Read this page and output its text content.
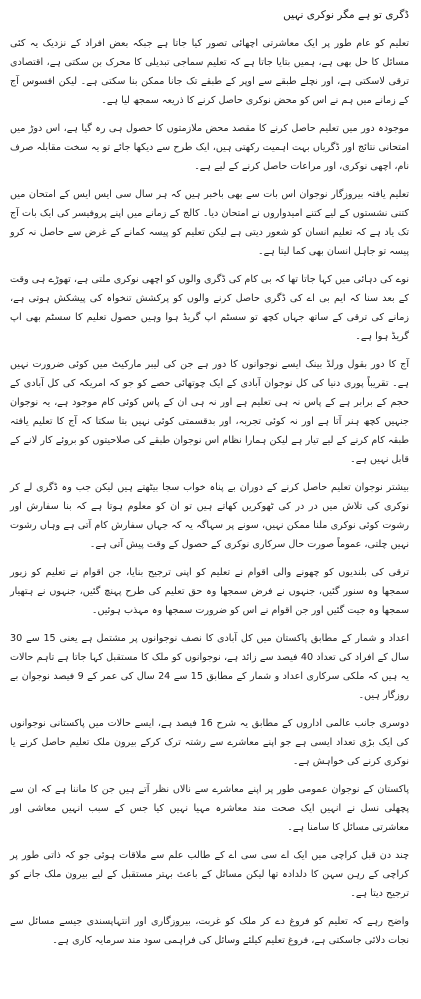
ڈگری تو ہے مگر نوکری نہیں

تعلیم کو عام طور پر ایک معاشرتی اچھائی تصور کیا جاتا ہے جبکہ بعض افراد کے نزدیک یہ کئی مسائل کا حل بھی ہے، ہمیں بتایا جاتا ہے کہ تعلیم سماجی تبدیلی کا محرک بن سکتی ہے، اقتصادی ترقی لاسکتی ہے، اور نچلے طبقے سے اوپر کے طبقے تک جانا ممکن بنا سکتی ہے۔ لیکن افسوس آج کے زمانے میں ہم نے اس کو محض نوکری حاصل کرنے کا ذریعہ سمجھ لیا ہے۔

موجودہ دور میں تعلیم حاصل کرنے کا مقصد محض ملازمتوں کا حصول ہی رہ گیا ہے، اس دوڑ میں امتحانی نتائج اور ڈگریاں بہت اہمیت رکھتی ہیں، ایک طرح سے دیکھا جائے تو یہ سخت مقابلہ صرف نام، اچھی نوکری، اور مراعات حاصل کرنے کے لیے ہے۔

تعلیم یافتہ بیروزگار نوجوان اس بات سے بھی باخبر ہیں کہ ہر سال سی ایس ایس کے امتحان میں کتنی نشستوں کے لیے کتنے امیدواروں نے امتحان دیا۔ کالج کے زمانے میں اپنے پروفیسر کی ایک بات آج تک یاد ہے کہ تعلیم انسان کو شعور دیتی ہے لیکن تعلیم کو پیسہ کمانے کے غرض سے حاصل نہ کرو پیسہ تو جاہل انسان بھی کما لیتا ہے۔

نوے کی دہائی میں کہا جاتا تھا کہ بی کام کی ڈگری والوں کو اچھی نوکری ملتی ہے، تھوڑے ہی وقت کے بعد سنا کہ ایم بی اے کی ڈگری حاصل کرنے والوں کو پرکشش تنخواہ کی پیشکش ہوتی ہے، زمانے کی ترقی کے ساتھ جہاں کچھ تو سسٹم اپ گریڈ ہوا وہیں حصول تعلیم کا سسٹم بھی اپ گریڈ ہوا ہے۔

آج کا دور بقول ورلڈ بینک ایسے نوجوانوں کا دور ہے جن کی لیبر مارکیٹ میں کوئی ضرورت نہیں ہے۔ تقریباً پوری دنیا کی کل نوجوان آبادی کے ایک چوتھائی حصے کو جو کہ امریکہ کی کل آبادی کے حجم کے برابر ہے کے پاس نہ ہی تعلیم ہے اور نہ ہی ان کے پاس کوئی کام موجود ہے، یہ نوجوان جنہیں کچھ ہنر آتا ہے اور نہ کوئی تجربہ، اور بدقسمتی کوئی نہیں بتا سکتا کہ آج کا تعلیم یافتہ طبقہ کام کرنے کے لیے تیار ہے لیکن ہمارا نظام اس نوجوان طبقے کی صلاحیتوں کو بروئے کار لانے کے قابل نہیں ہے۔

بیشتر نوجوان تعلیم حاصل کرنے کے دوران بے پناہ خواب سجا بیٹھتے ہیں لیکن جب وہ ڈگری لے کر نوکری کی تلاش میں در در کی ٹھوکریں کھاتے ہیں تو ان کو معلوم ہوتا ہے کہ بنا سفارش اور رشوت کوئی نوکری ملنا ممکن نہیں، سونے پر سہاگہ یہ کہ جہاں سفارش کام آتی ہے وہاں رشوت نہیں چلتی، عموماً صورت حال سرکاری نوکری کے حصول کے وقت پیش آتی ہے۔

ترقی کی بلندیوں کو چھونے والی اقوام نے تعلیم کو اپنی ترجیح بنایا، جن اقوام نے تعلیم کو زیور سمجھا وہ سنور گئیں، جنہوں نے فرض سمجھا وہ حق تعلیم کی طرح پہنچ گئیں، جنہوں نے ہتھیار سمجھا وہ جیت گئیں اور جن اقوام نے اس کو ضرورت سمجھا وہ مہذب ہوئیں۔

اعداد و شمار کے مطابق پاکستان میں کل آبادی کا نصف نوجوانوں پر مشتمل ہے یعنی 15 سے 30 سال کے افراد کی تعداد 40 فیصد سے زائد ہے، نوجوانوں کو ملک کا مستقبل کہا جاتا ہے تاہم حالات یہ ہیں کہ ملکی سرکاری اعداد و شمار کے مطابق 15 سے 24 سال کی عمر کے 9 فیصد نوجوان بے روزگار ہیں۔

دوسری جانب عالمی اداروں کے مطابق یہ شرح 16 فیصد ہے، ایسے حالات میں پاکستانی نوجوانوں کی ایک بڑی تعداد ایسی ہے جو اپنے معاشرے سے رشتہ ترک کرکے بیرون ملک تعلیم حاصل کرنے یا نوکری کرنے کی خواہش ہے۔

پاکستان کے نوجوان عمومی طور پر اپنے معاشرے سے نالاں نظر آتے ہیں جن کا ماننا ہے کہ ان سے پچھلی نسل نے انہیں ایک صحت مند معاشرہ مہیا نہیں کیا جس کے سبب انہیں معاشی اور معاشرتی مسائل کا سامنا ہے۔

چند دن قبل کراچی میں ایک اے سی سی اے کے طالب علم سے ملاقات ہوئی جو کہ ذاتی طور پر کراچی کے رہن سہن کا دلدادہ تھا لیکن مسائل کے باعث بہتر مستقبل کے لیے بیرون ملک جانے کو ترجیح دیتا ہے۔

واضح رہے کہ تعلیم کو فروغ دے کر ملک کو غربت، بیروزگاری اور انتہاپسندی جیسے مسائل سے نجات دلائی جاسکتی ہے، فروغ تعلیم کیلئے وسائل کی فراہمی سود مند سرمایہ کاری ہے۔
